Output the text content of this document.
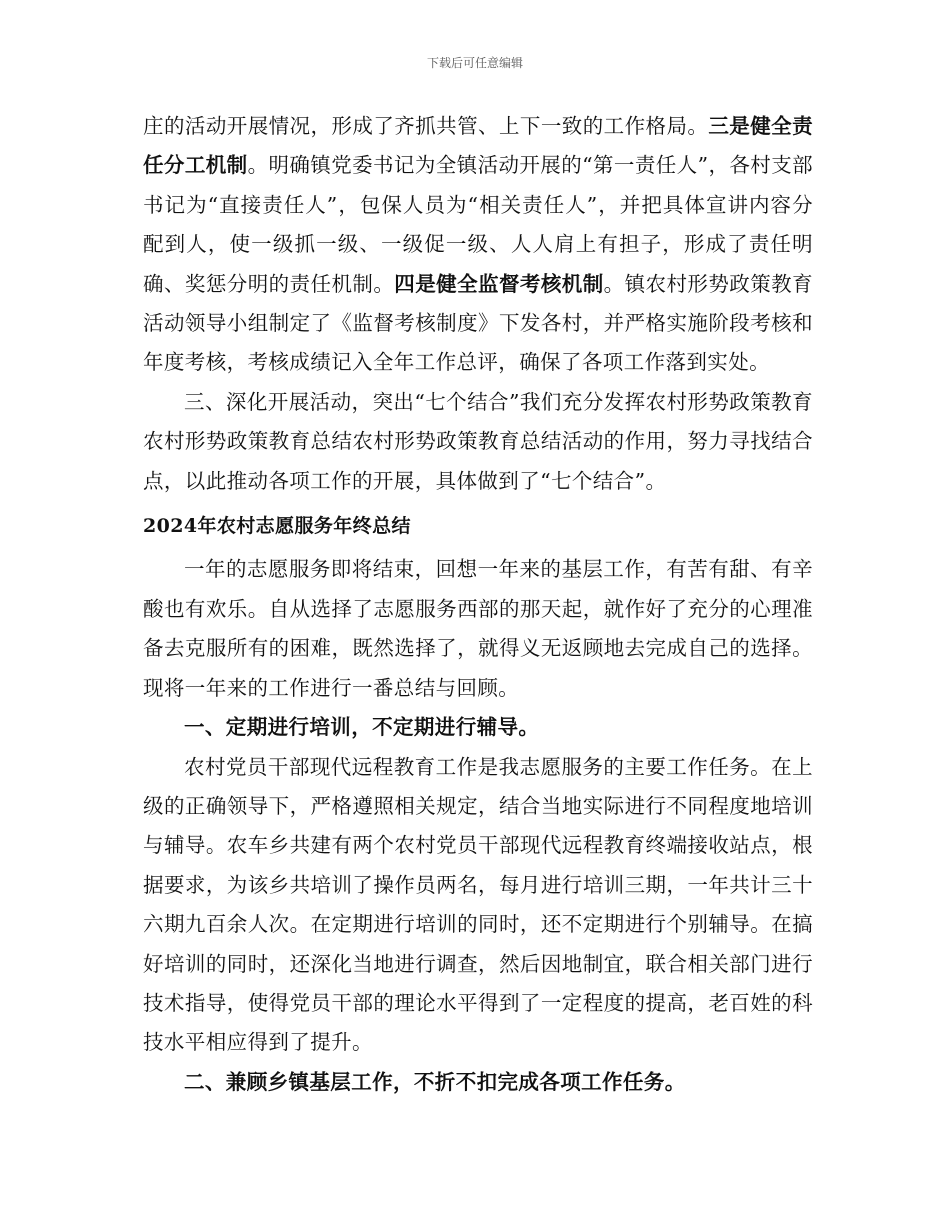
下载后可任意编辑

庄的活动开展情况，形成了齐抓共管、上下一致的工作格局。三是健全责任分工机制。明确镇党委书记为全镇活动开展的“第一责任人”，各村支部书记为“直接责任人”，包保人员为“相关责任人”，并把具体宣讲内容分配到人，使一级抓一级、一级促一级、人人肩上有担子，形成了责任明确、奖惩分明的责任机制。四是健全监督考核机制。镇农村形势政策教育活动领导小组制定了《监督考核制度》下发各村，并严格实施阶段考核和年度考核，考核成绩记入全年工作总评，确保了各项工作落到实处。

三、深化开展活动，突出“七个结合”我们充分发挥农村形势政策教育农村形势政策教育总结农村形势政策教育总结活动的作用，努力寻找结合点，以此推动各项工作的开展，具体做到了“七个结合”。

2024年农村志愿服务年终总结

一年的志愿服务即将结束，回想一年来的基层工作，有苦有甜、有辛酸也有欢乐。自从选择了志愿服务西部的那天起，就作好了充分的心理准备去克服所有的困难，既然选择了，就得义无返顾地去完成自己的选择。现将一年来的工作进行一番总结与回顾。

一、定期进行培训，不定期进行辅导。

农村党员干部现代远程教育工作是我志愿服务的主要工作任务。在上级的正确领导下，严格遵照相关规定，结合当地实际进行不同程度地培训与辅导。农车乡共建有两个农村党员干部现代远程教育终端接收站点，根据要求，为该乡共培训了操作员两名，每月进行培训三期，一年共计三十六期九百余人次。在定期进行培训的同时，还不定期进行个别辅导。在搞好培训的同时，还深化当地进行调查，然后因地制宜，联合相关部门进行技术指导，使得党员干部的理论水平得到了一定程度的提高，老百姓的科技水平相应得到了提升。

二、兼顾乡镇基层工作，不折不扣完成各项工作任务。
